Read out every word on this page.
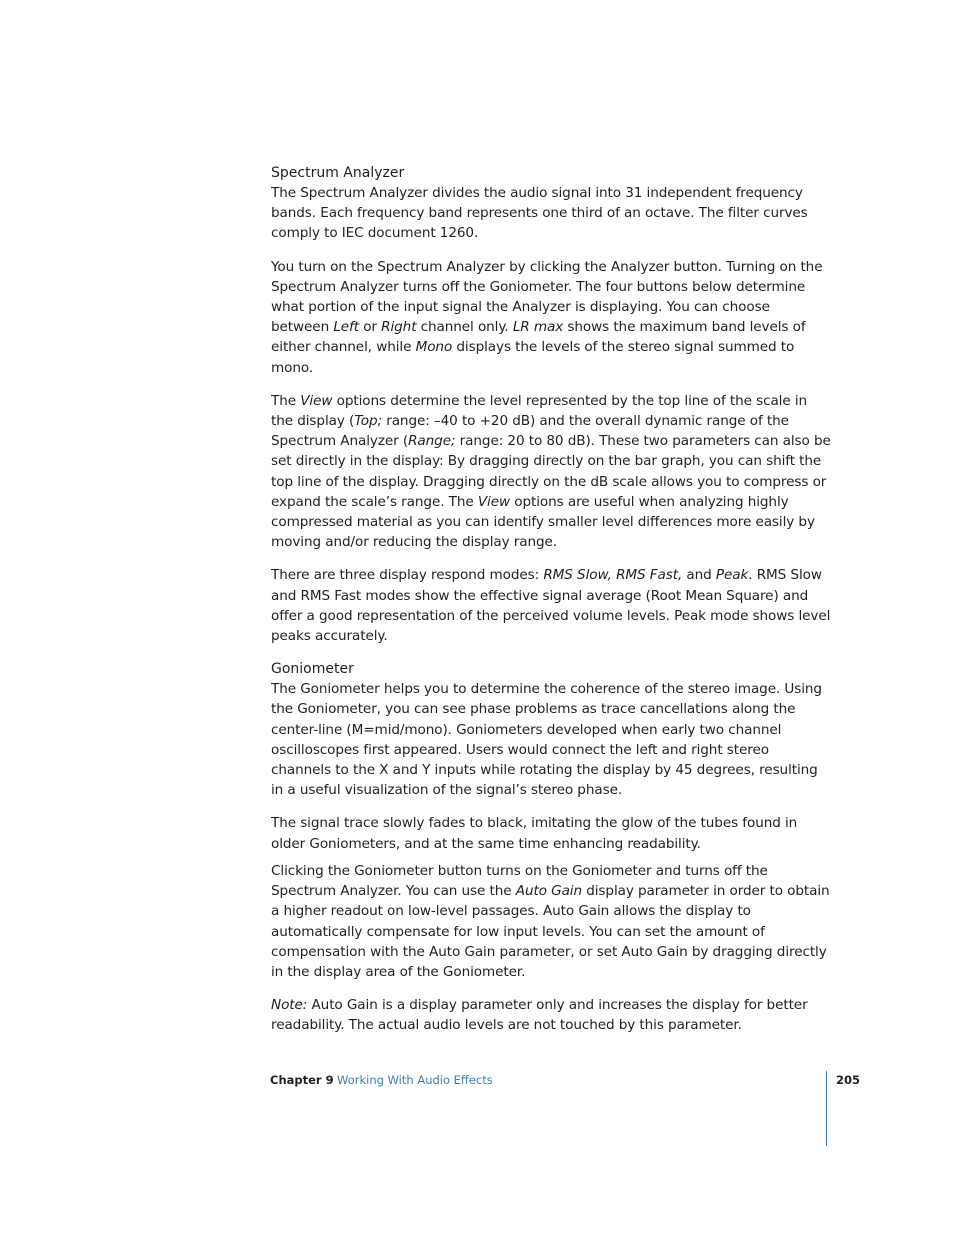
Spectrum Analyzer

The Spectrum Analyzer divides the audio signal into 31 independent frequency bands. Each frequency band represents one third of an octave. The filter curves comply to IEC document 1260.

You turn on the Spectrum Analyzer by clicking the Analyzer button. Turning on the Spectrum Analyzer turns off the Goniometer. The four buttons below determine what portion of the input signal the Analyzer is displaying. You can choose between Left or Right channel only. LR max shows the maximum band levels of either channel, while Mono displays the levels of the stereo signal summed to mono.

The View options determine the level represented by the top line of the scale in the display (Top; range: –40 to +20 dB) and the overall dynamic range of the Spectrum Analyzer (Range; range: 20 to 80 dB). These two parameters can also be set directly in the display: By dragging directly on the bar graph, you can shift the top line of the display. Dragging directly on the dB scale allows you to compress or expand the scale’s range. The View options are useful when analyzing highly compressed material as you can identify smaller level differences more easily by moving and/or reducing the display range.

There are three display respond modes: RMS Slow, RMS Fast, and Peak. RMS Slow and RMS Fast modes show the effective signal average (Root Mean Square) and offer a good representation of the perceived volume levels. Peak mode shows level peaks accurately.

Goniometer

The Goniometer helps you to determine the coherence of the stereo image. Using the Goniometer, you can see phase problems as trace cancellations along the center-line (M=mid/mono). Goniometers developed when early two channel oscilloscopes first appeared. Users would connect the left and right stereo channels to the X and Y inputs while rotating the display by 45 degrees, resulting in a useful visualization of the signal’s stereo phase.

The signal trace slowly fades to black, imitating the glow of the tubes found in older Goniometers, and at the same time enhancing readability.

Clicking the Goniometer button turns on the Goniometer and turns off the Spectrum Analyzer. You can use the Auto Gain display parameter in order to obtain a higher readout on low-level passages. Auto Gain allows the display to automatically compensate for low input levels. You can set the amount of compensation with the Auto Gain parameter, or set Auto Gain by dragging directly in the display area of the Goniometer.

Note: Auto Gain is a display parameter only and increases the display for better readability. The actual audio levels are not touched by this parameter.

Chapter 9 Working With Audio Effects	205
